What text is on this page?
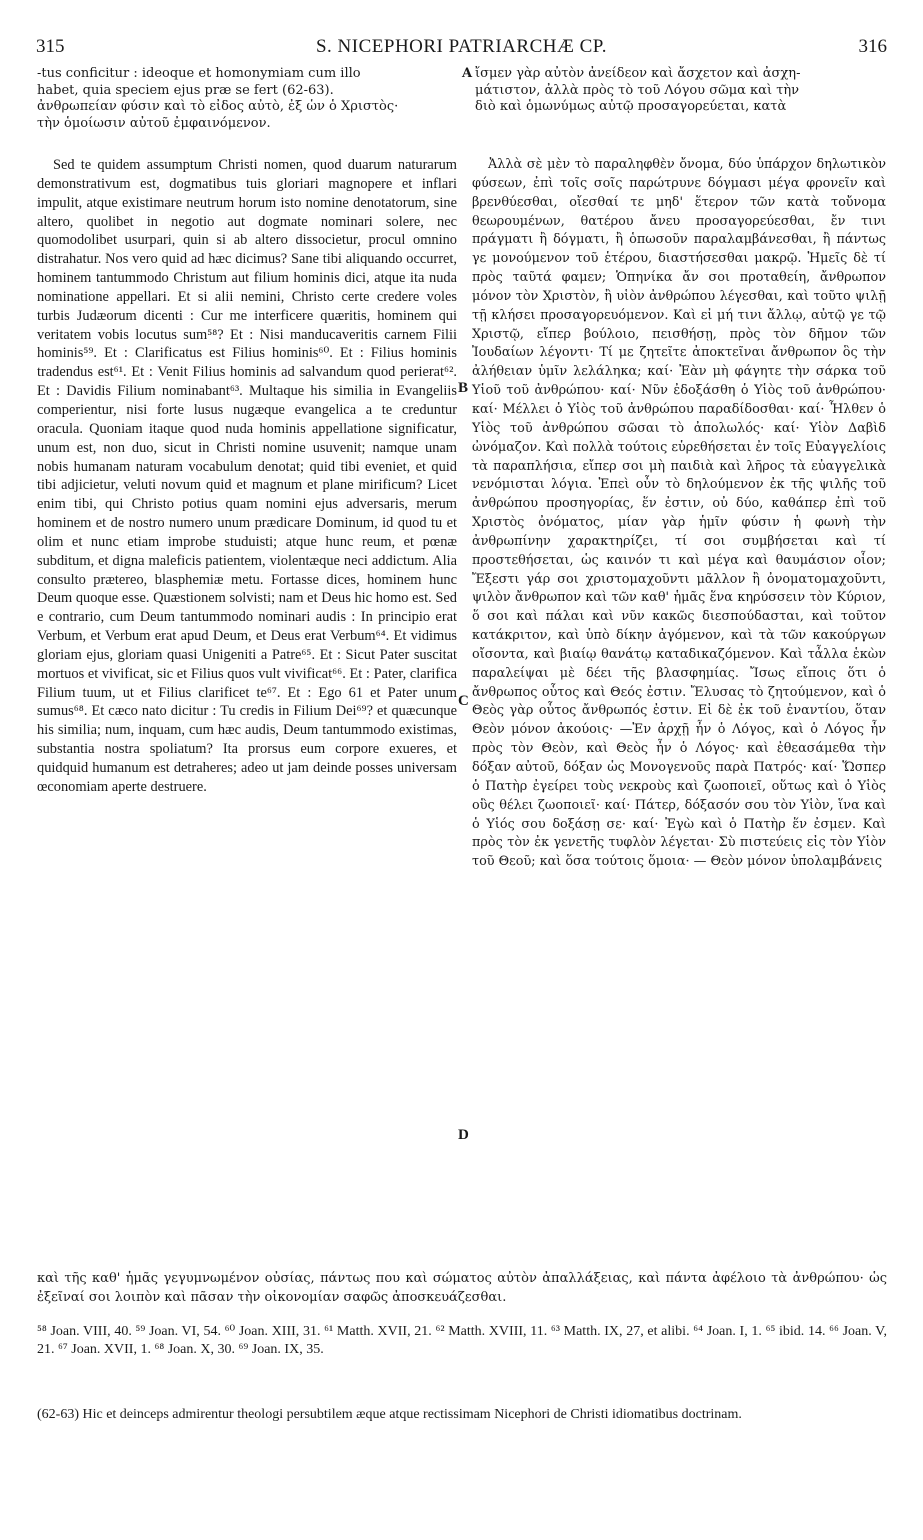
315	S. NICEPHORI PATRIARCHÆ CP.	316
-tus conficitur : ideoque et homonymiam cum illo	A ἴσμεν γὰρ αὐτὸν ἀνείδεον καὶ ἄσχετον καὶ ἀσχη-
habet, quia speciem ejus præ se fert (62-63).	μάτιστον, ἀλλὰ πρὸς τὸ τοῦ Λόγου σῶμα καὶ τὴν
ἀνθρωπείαν φύσιν καὶ τὸ εἶδος αὐτὸ, ἐξ ὧν ὁ Χριστὸς·	διὸ καὶ ὁμωνύμως αὐτῷ προσαγορεύεται, κατὰ
τὴν ὁμοίωσιν αὐτοῦ ἐμφαινόμενον.

Sed te quidem assumptum Christi nomen, quod duarum naturarum demonstrativum est, dogmatibus tuis gloriari magnopere et inflari impulit, atque existimare neutrum horum isto nomine denotatorum, sine altero, quolibet in negotio aut dogmate nominari solere, nec quomodolibet usurpari, quin si ab altero dissocietur, procul omnino distrahatur. Nos vero quid ad hæc dicimus? Sane tibi aliquando occurret, hominem tantummodo Christum aut filium hominis dici, atque ita nuda nominatione appellari. Et si alii nemini, Christo certe credere voles turbis Judæorum dicenti : Cur me interficere quæritis, hominem qui veritatem vobis locutus sum⁵⁸? Et : Nisi manducaveritis carnem Filii hominis⁵⁹. Et : Clarificatus est Filius hominis⁶⁰. Et : Filius hominis tradendus est⁶¹. Et : Venit Filius hominis ad salvandum quod perierat⁶². Et : Davidis Filium nominabant⁶³. Multaque his similia in Evangeliis comperientur, nisi forte lusus nugæque evangelica a te creduntur oracula. Quoniam itaque quod nuda hominis appellatione significatur, unum est, non duo, sicut in Christi nomine usuvenit; namque unam nobis humanam naturam vocabulum denotat; quid tibi eveniet, et quid tibi adjicietur, veluti novum quid et magnum et plane mirificum? Licet enim tibi, qui Christo potius quam nomini ejus adversaris, merum hominem et de nostro numero unum prædicare Dominum, id quod tu et olim et nunc etiam improbe studuisti; atque hunc reum, et pœnæ subditum, et digna maleficis patientem, violentæque neci addictum. Alia consulto prætereo, blasphemiæ metu. Fortasse dices, hominem hunc Deum quoque esse. Quæstionem solvisti; nam et Deus hic homo est. Sed e contrario, cum Deum tantummodo nominari audis : In principio erat Verbum, et Verbum erat apud Deum, et Deus erat Verbum⁶⁴. Et vidimus gloriam ejus, gloriam quasi Unigeniti a Patre⁶⁵. Et : Sicut Pater suscitat mortuos et vivificat, sic et Filius quos vult vivificat⁶⁶. Et : Pater, clarifica Filium tuum, ut et Filius clarificet te⁶⁷. Et : Ego 61 et Pater unum sumus⁶⁸. Et cæco nato dicitur : Tu credis in Filium Dei⁶⁹? et quæcunque his similia; num, inquam, cum hæc audis, Deum tantummodo existimas, substantia nostra spoliatum? Ita prorsus eum corpore exueres, et quidquid humanum est detraheres; adeo ut jam deinde posses universam œconomiam aperte destruere.

B
C
D

Ἀλλὰ σὲ μὲν τὸ παραληφθὲν ὄνομα, δύο ὑπάρχον δηλωτικὸν φύσεων, ἐπὶ τοῖς σοῖς παρώτρυνε δόγμασι μέγα φρονεῖν καὶ βρενθύεσθαι, οἴεσθαί τε μηδ' ἕτερον τῶν κατὰ τοὔνομα θεωρουμένων, θατέρου ἄνευ προσαγορεύεσθαι, ἔν τινι πράγματι ἢ δόγματι, ἢ ὁπωσοῦν παραλαμβάνεσθαι, ἢ πάντως γε μονούμενον τοῦ ἑτέρου, διαστήσεσθαι μακρῷ. Ἡμεῖς δὲ τί πρὸς ταῦτά φαμεν; Ὁπηνίκα ἄν σοι προταθείη, ἄνθρωπον μόνον τὸν Χριστὸν, ἢ υἱὸν ἀνθρώπου λέγεσθαι, καὶ τοῦτο ψιλῇ τῇ κλήσει προσαγορευόμενον. Καὶ εἰ μή τινι ἄλλῳ, αὐτῷ γε τῷ Χριστῷ, εἴπερ βούλοιο, πεισθήσῃ, πρὸς τὸν δῆμον τῶν Ἰουδαίων λέγοντι· Τί με ζητεῖτε ἀποκτεῖναι ἄνθρωπον ὃς τὴν ἀλήθειαν ὑμῖν λελάληκα; καί· Ἐὰν μὴ φάγητε τὴν σάρκα τοῦ Υἱοῦ τοῦ ἀνθρώπου· καί· Νῦν ἐδοξάσθη ὁ Υἱὸς τοῦ ἀνθρώπου· καί· Μέλλει ὁ Υἱὸς τοῦ ἀνθρώπου παραδίδοσθαι· καί· Ἦλθεν ὁ Υἱὸς τοῦ ἀνθρώπου σῶσαι τὸ ἀπολωλός· καί· Υἱὸν Δαβὶδ ὠνόμαζον. Καὶ πολλὰ τούτοις εὑρεθήσεται ἐν τοῖς Εὐαγγελίοις τὰ παραπλήσια, εἴπερ σοι μὴ παιδιὰ καὶ λῆρος τὰ εὐαγγελικὰ νενόμισται λόγια. Ἐπεὶ οὖν τὸ δηλούμενον ἐκ τῆς ψιλῆς τοῦ ἀνθρώπου προσηγορίας, ἕν ἐστιν, οὐ δύο, καθάπερ ἐπὶ τοῦ Χριστὸς ὀνόματος, μίαν γὰρ ἡμῖν φύσιν ἡ φωνὴ τὴν ἀνθρωπίνην χαρακτηρίζει, τί σοι συμβήσεται καὶ τί προστεθήσεται, ὡς καινόν τι καὶ μέγα καὶ θαυμάσιον οἷον; Ἔξεστι γάρ σοι χριστομαχοῦντι μᾶλλον ἢ ὀνοματομαχοῦντι, ψιλὸν ἄνθρωπον καὶ τῶν καθ' ἡμᾶς ἕνα κηρύσσειν τὸν Κύριον, ὅ σοι καὶ πάλαι καὶ νῦν κακῶς διεσπούδασται, καὶ τοῦτον κατάκριτον, καὶ ὑπὸ δίκην ἀγόμενον, καὶ τὰ τῶν κακούργων οἴσοντα, καὶ βιαίῳ θανάτῳ καταδικαζόμενον. Καὶ τἆλλα ἑκὼν παραλείψαι μὲ δέει τῆς βλασφημίας. Ἴσως εἴποις ὅτι ὁ ἄνθρωπος οὗτος καὶ Θεός ἐστιν. Ἔλυσας τὸ ζητούμενον, καὶ ὁ Θεὸς γὰρ οὗτος ἄνθρωπός ἐστιν. Εἰ δὲ ἐκ τοῦ ἐναντίου, ὅταν Θεὸν μόνον ἀκούοις· —Ἐν ἀρχῇ ἦν ὁ Λόγος, καὶ ὁ Λόγος ἦν πρὸς τὸν Θεὸν, καὶ Θεὸς ἦν ὁ Λόγος· καὶ ἐθεασάμεθα τὴν δόξαν αὐτοῦ, δόξαν ὡς Μονογενοῦς παρὰ Πατρός· καί· Ὥσπερ ὁ Πατὴρ ἐγείρει τοὺς νεκροὺς καὶ ζωοποιεῖ, οὕτως καὶ ὁ Υἱὸς οὓς θέλει ζωοποιεῖ· καί· Πάτερ, δόξασόν σου τὸν Υἱὸν, ἵνα καὶ ὁ Υἱός σου δοξάσῃ σε· καί· Ἐγὼ καὶ ὁ Πατὴρ ἕν ἐσμεν. Καὶ πρὸς τὸν ἐκ γενετῆς τυφλὸν λέγεται· Σὺ πιστεύεις εἰς τὸν Υἱὸν τοῦ Θεοῦ; καὶ ὅσα τούτοις ὅμοια· — Θεὸν μόνον ὑπολαμβάνεις

καὶ τῆς καθ' ἡμᾶς γεγυμνωμένον οὐσίας, πάντως που καὶ σώματος αὐτὸν ἀπαλλάξειας, καὶ πάντα ἀφέλοιο τὰ ἀνθρώπου· ὡς ἐξεῖναί σοι λοιπὸν καὶ πᾶσαν τὴν οἰκονομίαν σαφῶς ἀποσκευάζεσθαι.
⁵⁸ Joan. VIII, 40. ⁵⁹ Joan. VI, 54. ⁶⁰ Joan. XIII, 31. ⁶¹ Matth. XVII, 21. ⁶² Matth. XVIII, 11. ⁶³ Matth. IX, 27, et alibi. ⁶⁴ Joan. I, 1. ⁶⁵ ibid. 14. ⁶⁶ Joan. V, 21. ⁶⁷ Joan. XVII, 1. ⁶⁸ Joan. X, 30. ⁶⁹ Joan. IX, 35.
(62-63) Hic et deinceps admirentur theologi persubtilem æque atque rectissimam Nicephori de Christi idiomatibus doctrinam.
